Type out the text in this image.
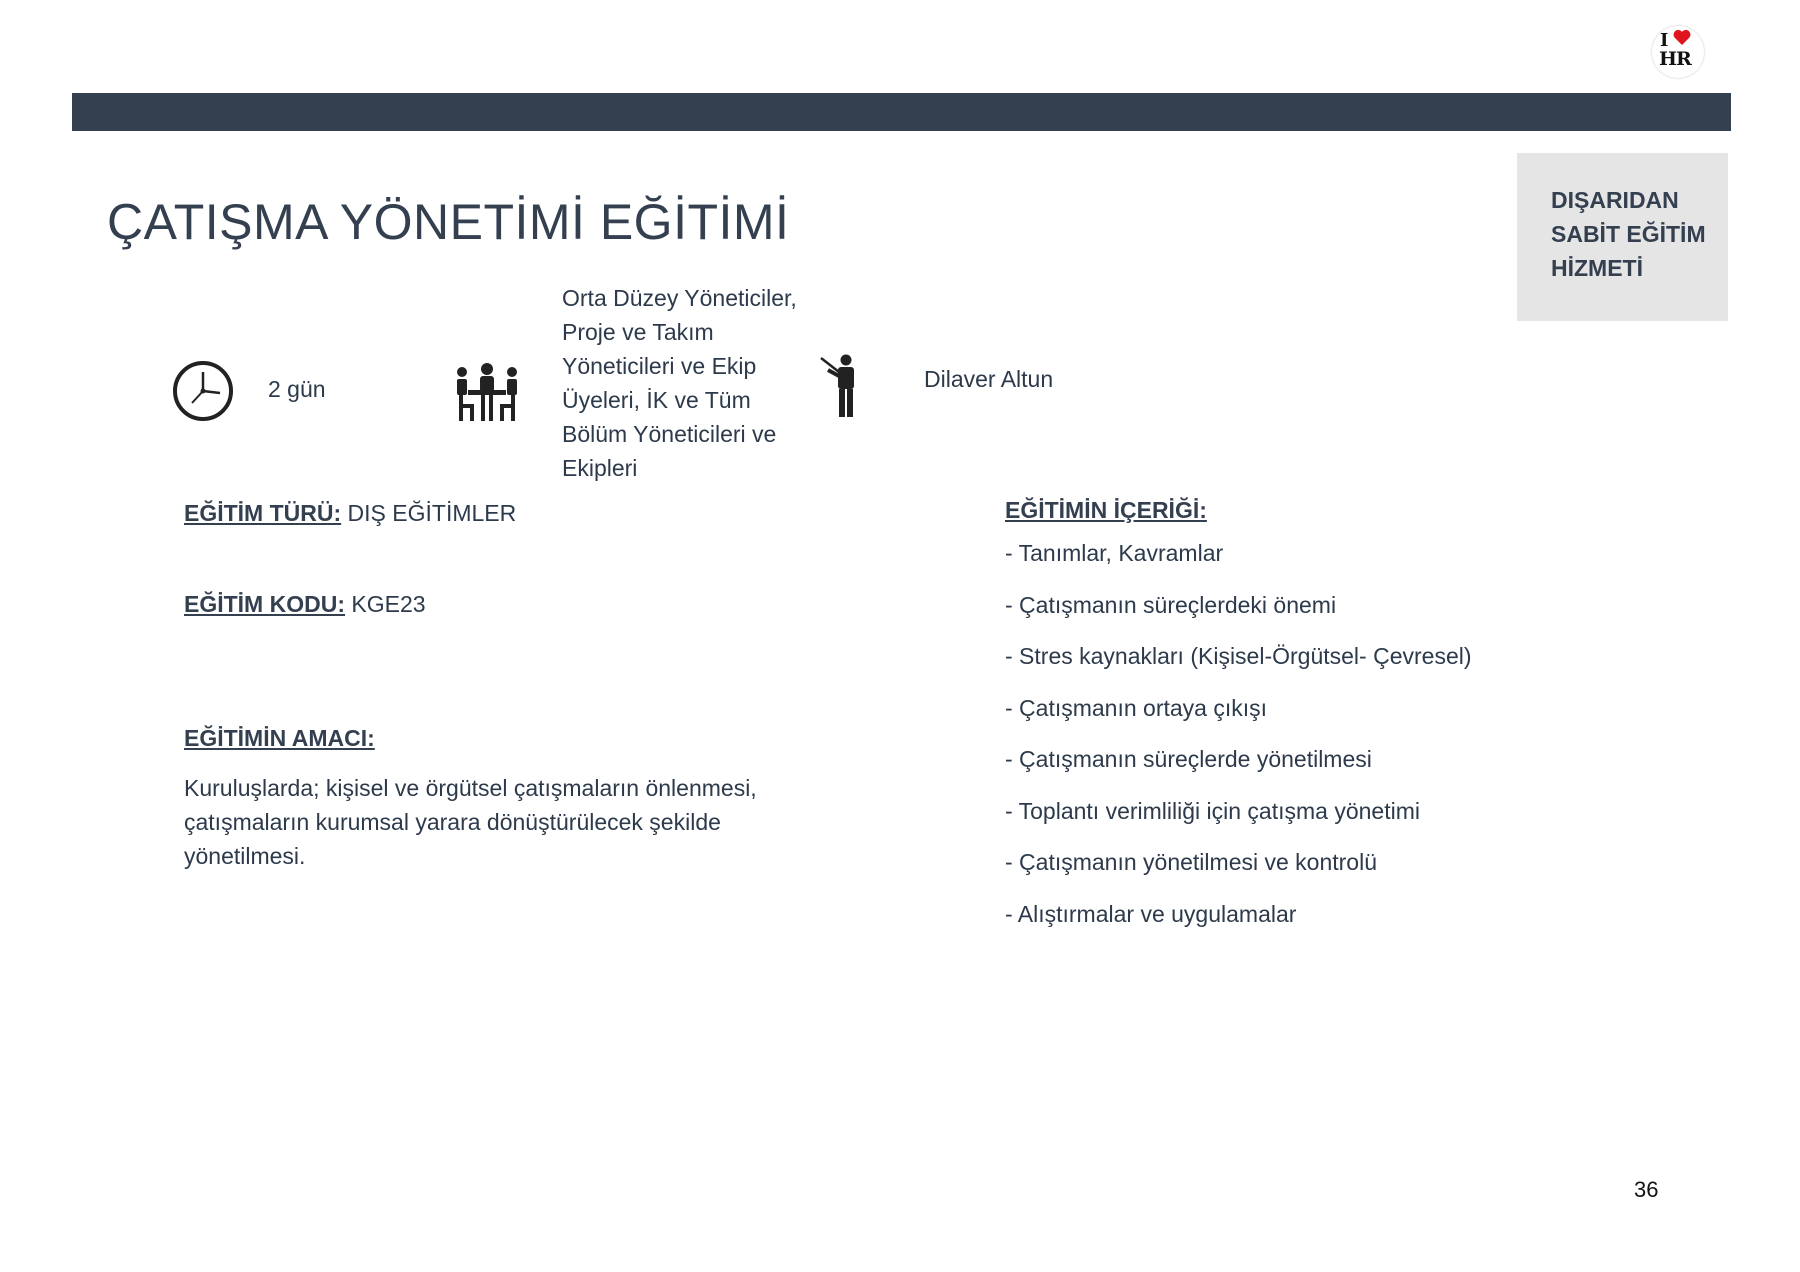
I
HR
DIŞARIDAN
SABİT EĞİTİM
HİZMETİ
ÇATIŞMA YÖNETİMİ EĞİTİMİ
2 gün
Orta Düzey Yöneticiler, Proje ve Takım Yöneticileri ve Ekip Üyeleri, İK ve Tüm Bölüm Yöneticileri ve Ekipleri
Dilaver Altun
EĞİTİM TÜRÜ: DIŞ EĞİTİMLER
EĞİTİM KODU: KGE23
EĞİTİMİN AMACI:
Kuruluşlarda; kişisel ve örgütsel çatışmaların önlenmesi, çatışmaların kurumsal yarara dönüştürülecek şekilde yönetilmesi.
EĞİTİMİN İÇERİĞİ:
- Tanımlar, Kavramlar
- Çatışmanın süreçlerdeki önemi
- Stres kaynakları (Kişisel-Örgütsel- Çevresel)
- Çatışmanın ortaya çıkışı
- Çatışmanın süreçlerde yönetilmesi
- Toplantı verimliliği için çatışma yönetimi
- Çatışmanın yönetilmesi ve kontrolü
- Alıştırmalar ve uygulamalar
36
